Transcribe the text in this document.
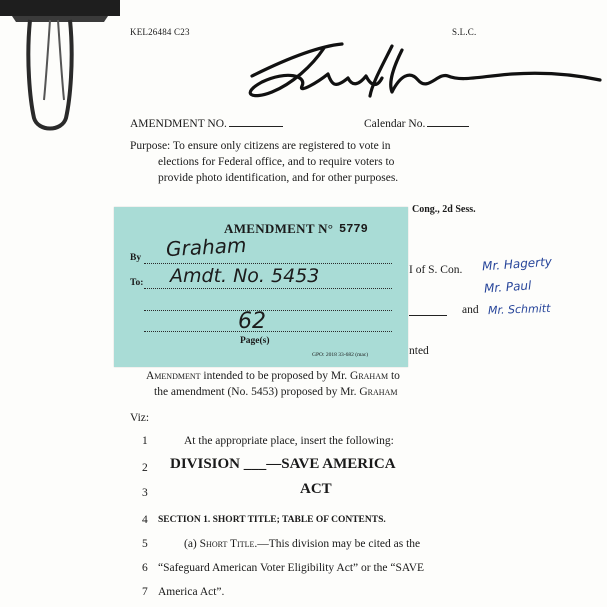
KEL26484 C23	S.L.C.
AMENDMENT NO.	Calendar No.
Purpose: To ensure only citizens are registered to vote in
elections for Federal office, and to require voters to
provide photo identification, and for other purposes.
Cong., 2d Sess.
I of S. Con.
and
nted
Mr. Hagerty
Mr. Paul
Mr. Schmitt
AMENDMENT N° 5779
By Graham
To: Amdt. No. 5453
62
Page(s)
GPO: 2018 33-682 (mac)
Amendment intended to be proposed by Mr. Graham to
the amendment (No. 5453) proposed by Mr. Graham
Viz:
1	At the appropriate place, insert the following:
2 DIVISION ___—SAVE AMERICA
3	ACT
4 SECTION 1. SHORT TITLE; TABLE OF CONTENTS.
5	(a) Short Title.—This division may be cited as the
6 “Safeguard American Voter Eligibility Act” or the “SAVE
7 America Act”.
